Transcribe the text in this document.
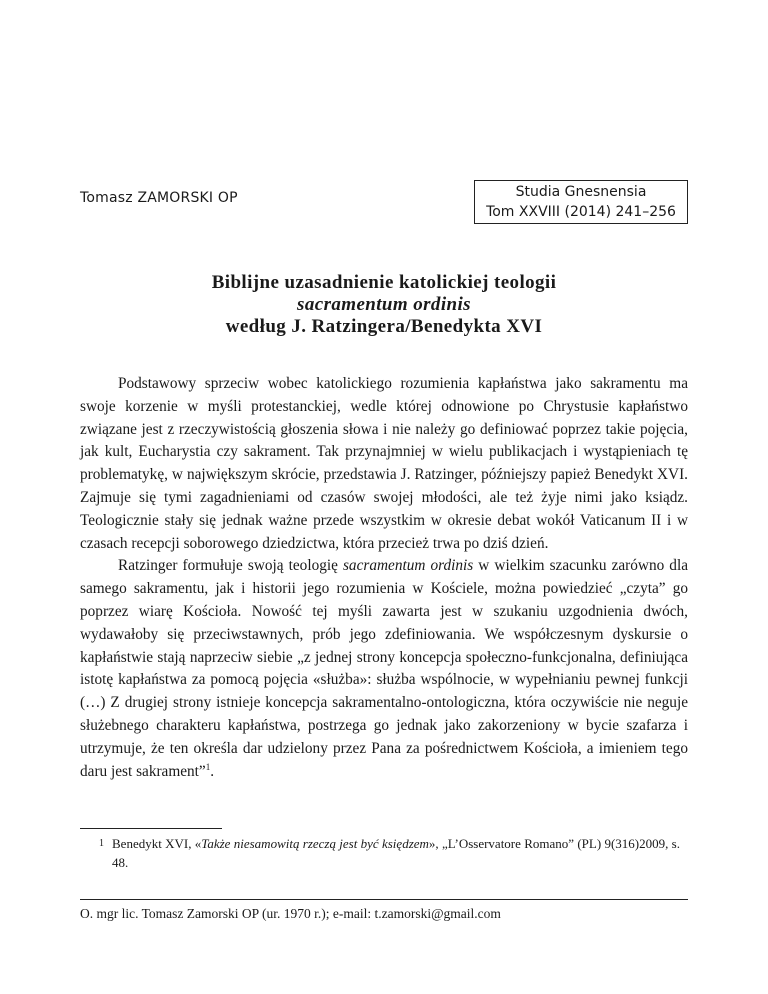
Tomasz ZAMORSKI OP	Studia Gnesnensia
Tom XXVIII (2014) 241–256
Biblijne uzasadnienie katolickiej teologii
sacramentum ordinis
według J. Ratzingera/Benedykta XVI

Podstawowy sprzeciw wobec katolickiego rozumienia kapłaństwa jako sakramentu ma swoje korzenie w myśli protestanckiej, wedle której odnowione po Chrystusie kapłaństwo związane jest z rzeczywistością głoszenia słowa i nie należy go definiować poprzez takie pojęcia, jak kult, Eucharystia czy sakrament. Tak przynajmniej w wielu publikacjach i wystąpieniach tę problematykę, w największym skrócie, przedstawia J. Ratzinger, późniejszy papież Benedykt XVI. Zajmuje się tymi zagadnieniami od czasów swojej młodości, ale też żyje nimi jako ksiądz. Teologicznie stały się jednak ważne przede wszystkim w okresie debat wokół Vaticanum II i w czasach recepcji soborowego dziedzictwa, która przecież trwa po dziś dzień.

Ratzinger formułuje swoją teologię sacramentum ordinis w wielkim szacunku zarówno dla samego sakramentu, jak i historii jego rozumienia w Kościele, można powiedzieć „czyta” go poprzez wiarę Kościoła. Nowość tej myśli zawarta jest w szukaniu uzgodnienia dwóch, wydawałoby się przeciwstawnych, prób jego zdefiniowania. We współczesnym dyskursie o kapłaństwie stają naprzeciw siebie „z jednej strony koncepcja społeczno-funkcjonalna, definiująca istotę kapłaństwa za pomocą pojęcia «służba»: służba wspólnocie, w wypełnianiu pewnej funkcji (…) Z drugiej strony istnieje koncepcja sakramentalno-ontologiczna, która oczywiście nie neguje służebnego charakteru kapłaństwa, postrzega go jednak jako zakorzeniony w bycie szafarza i utrzymuje, że ten określa dar udzielony przez Pana za pośrednictwem Kościoła, a imieniem tego daru jest sakrament”$^1$.

1 Benedykt XVI, «Także niesamowitą rzeczą jest być księdzem», „L’Osservatore Romano” (PL) 9(316)2009, s. 48.
O. mgr lic. Tomasz Zamorski OP (ur. 1970 r.); e-mail: t.zamorski@gmail.com
